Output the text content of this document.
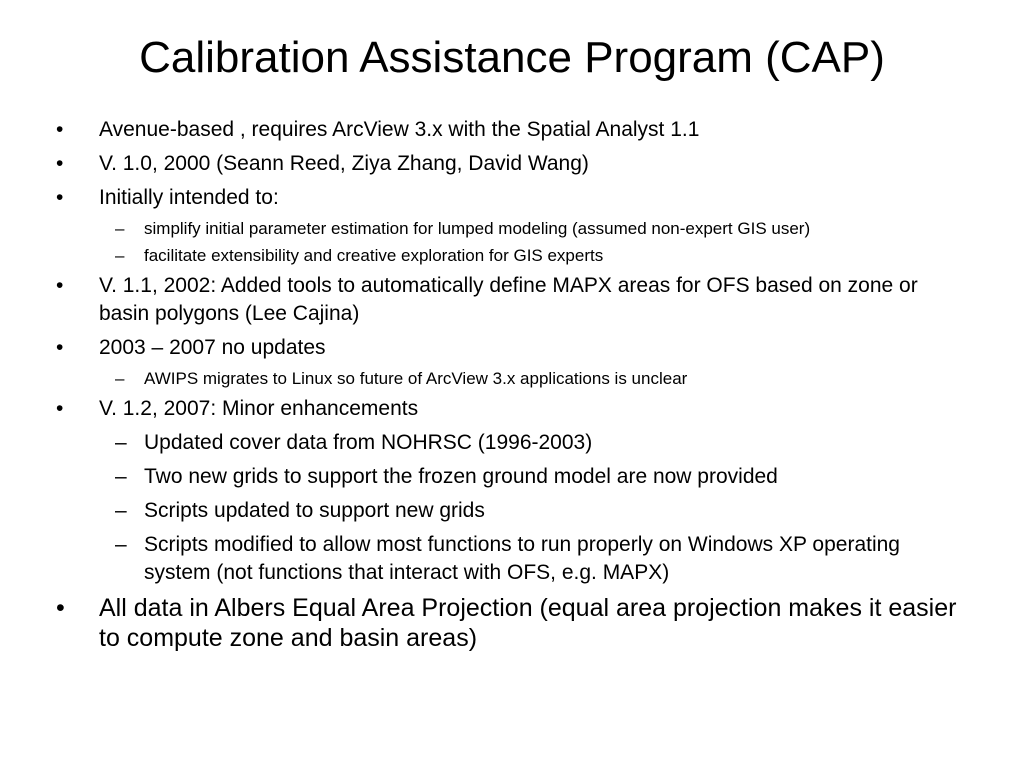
Calibration Assistance Program (CAP)
• Avenue-based , requires ArcView 3.x with the Spatial Analyst 1.1
• V. 1.0, 2000 (Seann Reed, Ziya Zhang, David Wang)
• Initially intended to:
– simplify initial parameter estimation for lumped modeling (assumed non-expert GIS user)
– facilitate extensibility and creative exploration for GIS experts
• V. 1.1, 2002: Added tools to automatically define MAPX areas for OFS based on zone or basin polygons (Lee Cajina)
• 2003 – 2007 no updates
– AWIPS migrates to Linux so future of ArcView 3.x applications is unclear
• V. 1.2, 2007: Minor enhancements
– Updated cover data from NOHRSC (1996-2003)
– Two new grids to support the frozen ground model are now provided
– Scripts updated to support new grids
– Scripts modified to allow most functions to run properly on Windows XP operating system (not functions that interact with OFS, e.g. MAPX)
• All data in Albers Equal Area Projection (equal area projection makes it easier to compute zone and basin areas)
